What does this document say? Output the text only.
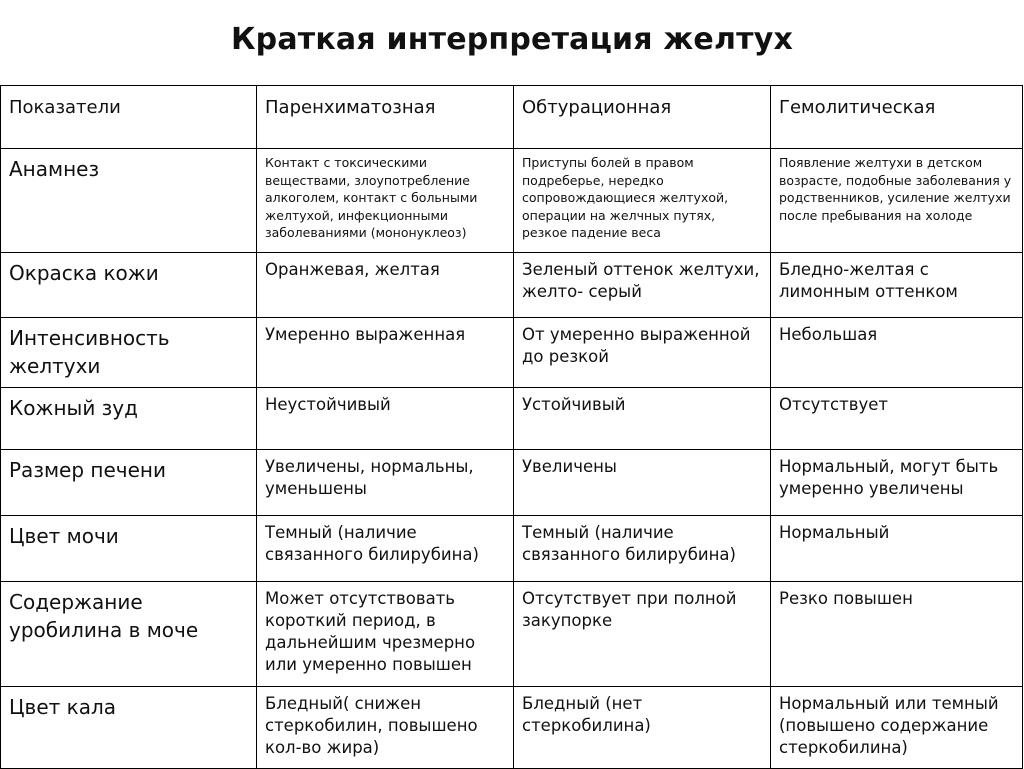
Краткая интерпретация желтух
Показатели	Паренхиматозная	Обтурационная	Гемолитическая

Анамнез	Контакт с токсическими веществами, злоупотребление алкоголем, контакт с больными желтухой, инфекционными заболеваниями (мононуклеоз)	Приступы болей в правом подреберье, нередко сопровождающиеся желтухой, операции на желчных путях, резкое падение веса	Появление желтухи в детском возрасте, подобные заболевания у родственников, усиление желтухи после пребывания на холоде

Окраска кожи	Оранжевая, желтая	Зеленый оттенок желтухи, желто- серый	Бледно-желтая с лимонным оттенком

Интенсивность желтухи	Умеренно выраженная	От умеренно выраженной до резкой	Небольшая

Кожный зуд	Неустойчивый	Устойчивый	Отсутствует

Размер печени	Увеличены, нормальны, уменьшены	Увеличены	Нормальный, могут быть умеренно увеличены

Цвет мочи	Темный (наличие связанного билирубина)	Темный (наличие связанного билирубина)	Нормальный

Содержание уробилина в моче	Может отсутствовать короткий период, в дальнейшим чрезмерно или умеренно повышен	Отсутствует при полной закупорке	Резко повышен

Цвет кала	Бледный( снижен стеркобилин, повышено кол-во жира)	Бледный (нет стеркобилина)	Нормальный или темный (повышено содержание стеркобилина)
